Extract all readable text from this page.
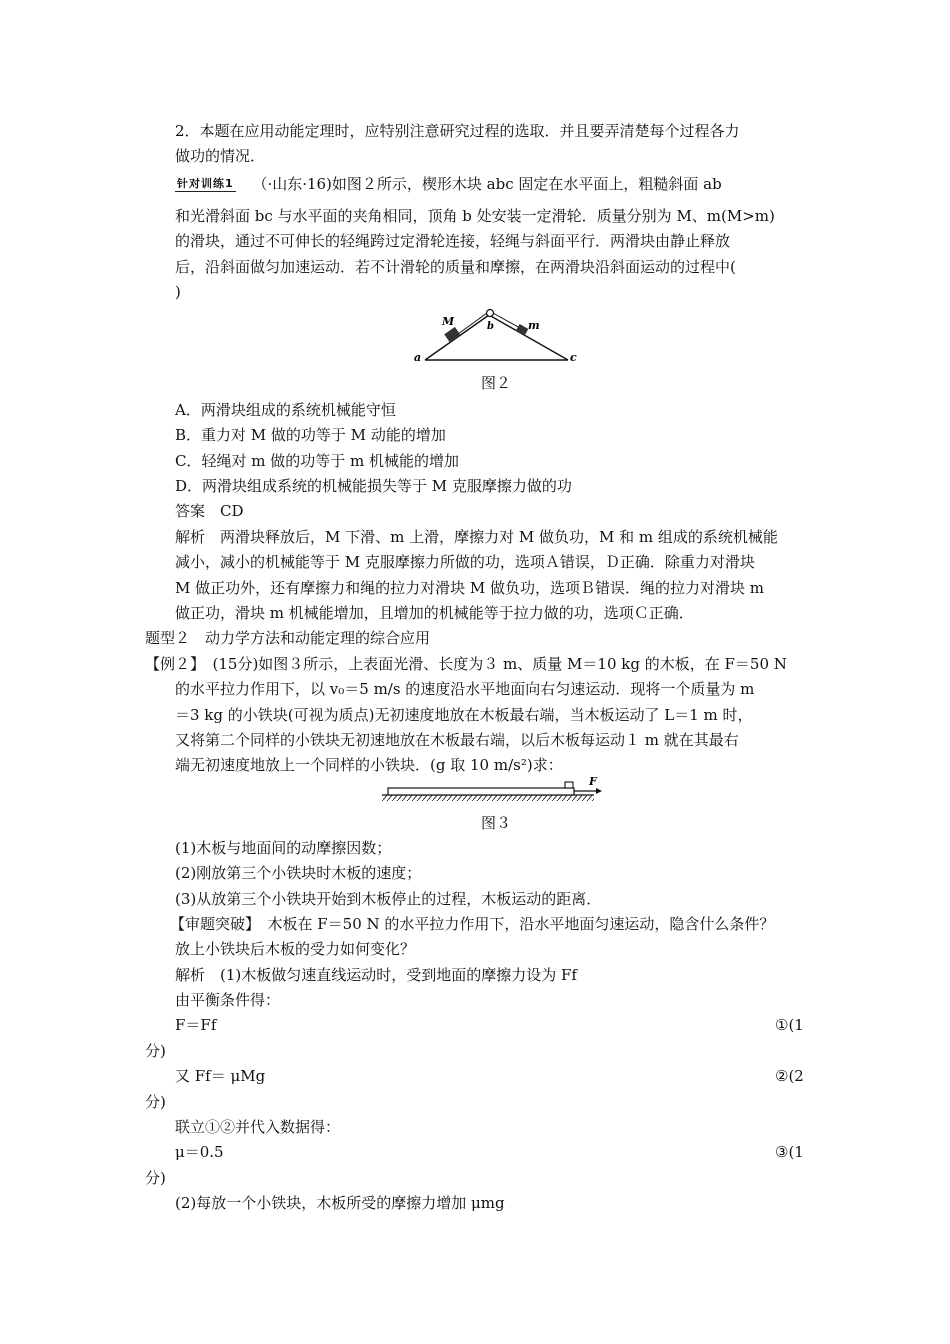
2．本题在应用动能定理时，应特别注意研究过程的选取．并且要弄清楚每个过程各力
做功的情况．
针对训练1 （·山东·16)如图２所示，楔形木块 abc 固定在水平面上，粗糙斜面 ab
和光滑斜面 bc 与水平面的夹角相同，顶角 b 处安装一定滑轮．质量分别为 M、m(M>m)
的滑块，通过不可伸长的轻绳跨过定滑轮连接，轻绳与斜面平行．两滑块由静止释放
后，沿斜面做匀加速运动．若不计滑轮的质量和摩擦，在两滑块沿斜面运动的过程中(
)
M	b	m
a	c
图２
A．两滑块组成的系统机械能守恒
B．重力对 M 做的功等于 M 动能的增加
C．轻绳对 m 做的功等于 m 机械能的增加
D．两滑块组成系统的机械能损失等于 M 克服摩擦力做的功
答案　CD
解析　两滑块释放后，M 下滑、m 上滑，摩擦力对 M 做负功，M 和 m 组成的系统机械能
减小，减小的机械能等于 M 克服摩擦力所做的功，选项Ａ错误，Ｄ正确．除重力对滑块
M 做正功外，还有摩擦力和绳的拉力对滑块 M 做负功，选项Ｂ错误．绳的拉力对滑块 m
做正功，滑块 m 机械能增加，且增加的机械能等于拉力做的功，选项Ｃ正确．
题型２　动力学方法和动能定理的综合应用
【例２】　(15分)如图３所示，上表面光滑、长度为３ m、质量 M＝10 kg 的木板，在 F＝50 N
的水平拉力作用下，以 v₀＝5 m/s 的速度沿水平地面向右匀速运动．现将一个质量为 m
＝3 kg 的小铁块(可视为质点)无初速度地放在木板最右端，当木板运动了 L＝1 m 时，
又将第二个同样的小铁块无初速地放在木板最右端，以后木板每运动１ m 就在其最右
端无初速度地放上一个同样的小铁块．(g 取 10 m/s²)求：
F
图３
(1)木板与地面间的动摩擦因数；
(2)刚放第三个小铁块时木板的速度；
(3)从放第三个小铁块开始到木板停止的过程，木板运动的距离．
【审题突破】　木板在 F＝50 N 的水平拉力作用下，沿水平地面匀速运动，隐含什么条件？
放上小铁块后木板的受力如何变化？
解析　(1)木板做匀速直线运动时，受到地面的摩擦力设为 Ff
由平衡条件得：
F＝Ff	①(1
分)
又 Ff＝ μMg	②(2
分)
联立①②并代入数据得：
μ＝0.5	③(1
分)
(2)每放一个小铁块，木板所受的摩擦力增加 μmg
